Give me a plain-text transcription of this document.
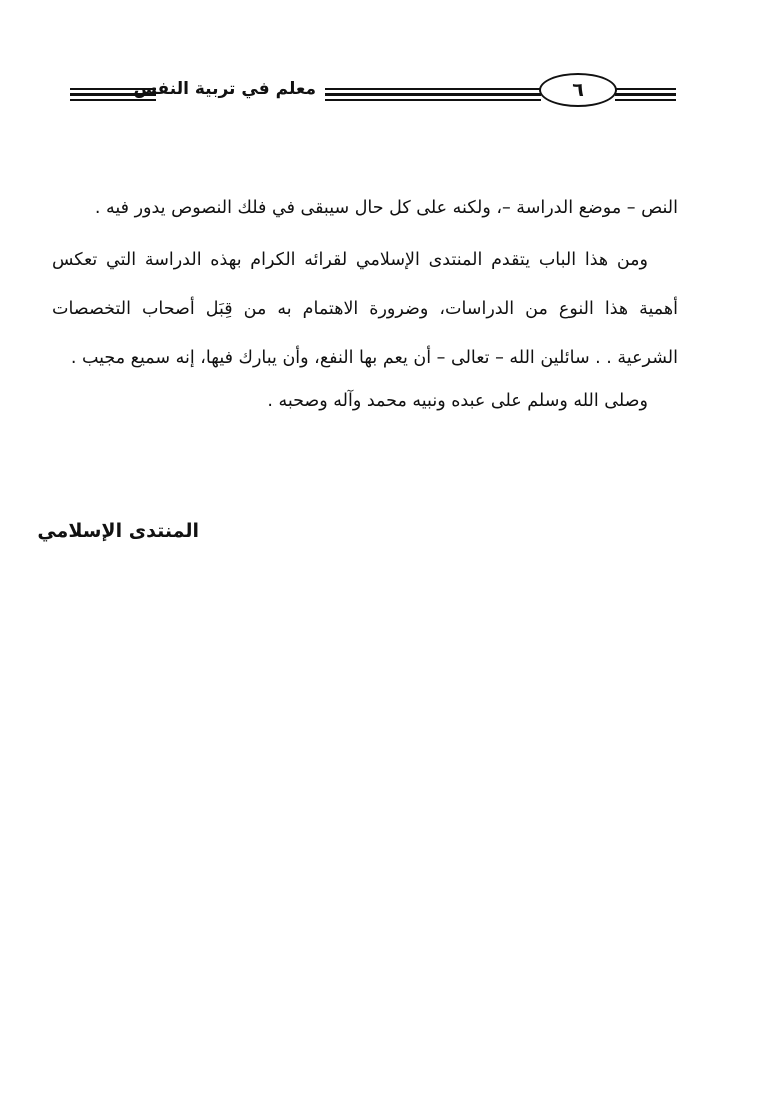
معلم في تربية النفس	٦

النص – موضع الدراسة –، ولكنه على كل حال سيبقى في فلك النصوص يدور فيه .

ومن هذا الباب يتقدم المنتدى الإسلامي لقرائه الكرام بهذه الدراسة التي تعكس أهمية هذا النوع من الدراسات، وضرورة الاهتمام به من قِبَل أصحاب التخصصات الشرعية . . سائلين الله – تعالى – أن يعم بها النفع، وأن يبارك فيها، إنه سميع مجيب .

وصلى الله وسلم على عبده ونبيه محمد وآله وصحبه .

المنتدى الإسلامي
